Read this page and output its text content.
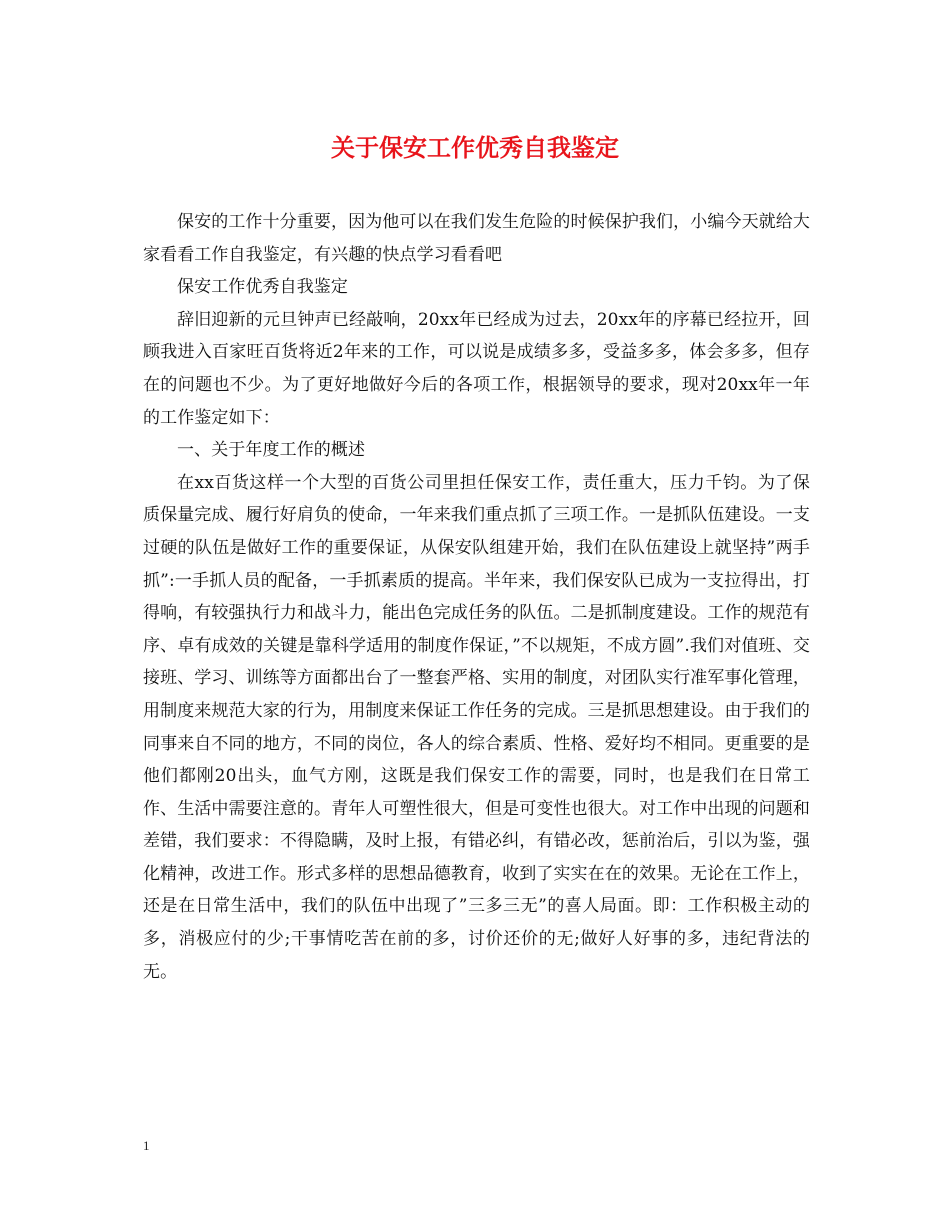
关于保安工作优秀自我鉴定

保安的工作十分重要，因为他可以在我们发生危险的时候保护我们，小编今天就给大家看看工作自我鉴定，有兴趣的快点学习看看吧

保安工作优秀自我鉴定

辞旧迎新的元旦钟声已经敲响，20xx年已经成为过去，20xx年的序幕已经拉开，回顾我进入百家旺百货将近2年来的工作，可以说是成绩多多，受益多多，体会多多，但存在的问题也不少。为了更好地做好今后的各项工作，根据领导的要求，现对20xx年一年的工作鉴定如下：

一、关于年度工作的概述

在xx百货这样一个大型的百货公司里担任保安工作，责任重大，压力千钧。为了保质保量完成、履行好肩负的使命，一年来我们重点抓了三项工作。一是抓队伍建设。一支过硬的队伍是做好工作的重要保证，从保安队组建开始，我们在队伍建设上就坚持”两手抓”:一手抓人员的配备，一手抓素质的提高。半年来，我们保安队已成为一支拉得出，打得响，有较强执行力和战斗力，能出色完成任务的队伍。二是抓制度建设。工作的规范有序、卓有成效的关键是靠科学适用的制度作保证，”不以规矩，不成方圆”.我们对值班、交接班、学习、训练等方面都出台了一整套严格、实用的制度，对团队实行准军事化管理，用制度来规范大家的行为，用制度来保证工作任务的完成。三是抓思想建设。由于我们的同事来自不同的地方，不同的岗位，各人的综合素质、性格、爱好均不相同。更重要的是他们都刚20出头，血气方刚，这既是我们保安工作的需要，同时，也是我们在日常工作、生活中需要注意的。青年人可塑性很大，但是可变性也很大。对工作中出现的问题和差错，我们要求：不得隐瞒，及时上报，有错必纠，有错必改，惩前治后，引以为鉴，强化精神，改进工作。形式多样的思想品德教育，收到了实实在在的效果。无论在工作上，还是在日常生活中，我们的队伍中出现了”三多三无”的喜人局面。即：工作积极主动的多，消极应付的少;干事情吃苦在前的多，讨价还价的无;做好人好事的多，违纪背法的无。

1
